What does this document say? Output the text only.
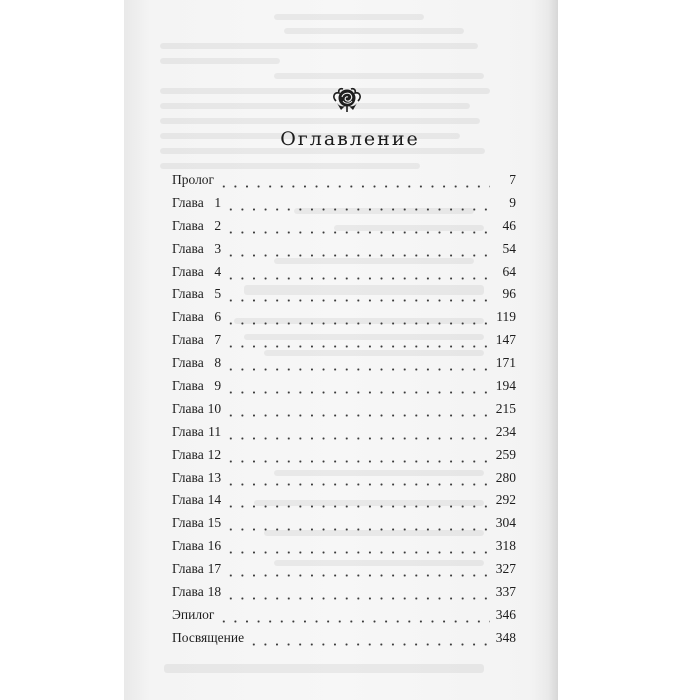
Оглавление
Пролог	7
Глава 1	9
Глава 2	46
Глава 3	54
Глава 4	64
Глава 5	96
Глава 6	119
Глава 7	147
Глава 8	171
Глава 9	194
Глава 10	215
Глава 11	234
Глава 12	259
Глава 13	280
Глава 14	292
Глава 15	304
Глава 16	318
Глава 17	327
Глава 18	337
Эпилог	346
Посвящение	348
